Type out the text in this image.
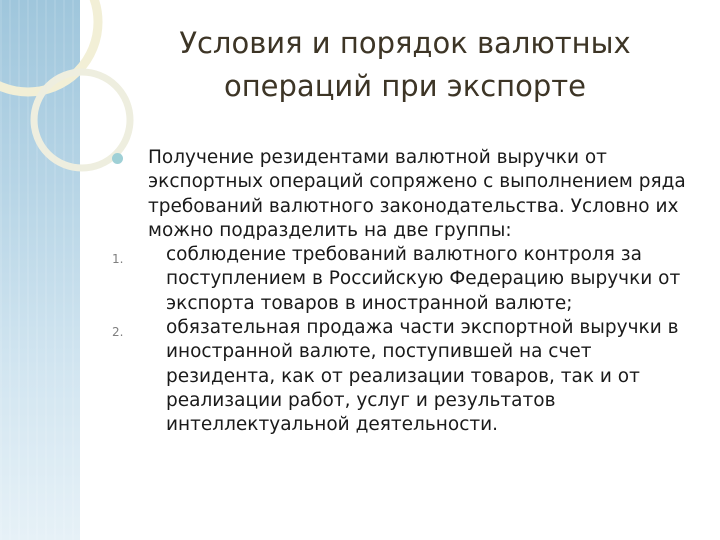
Условия и порядок валютных
операций при экспорте
Получение резидентами валютной выручки от экспортных операций сопряжено с выполнением ряда требований валютного законодательства. Условно их можно подразделить на две группы:
1. соблюдение требований валютного контроля за поступлением в Российскую Федерацию выручки от экспорта товаров в иностранной валюте;
2. обязательная продажа части экспортной выручки в иностранной валюте, поступившей на счет резидента, как от реализации товаров, так и от реализации работ, услуг и результатов интеллектуальной деятельности.
